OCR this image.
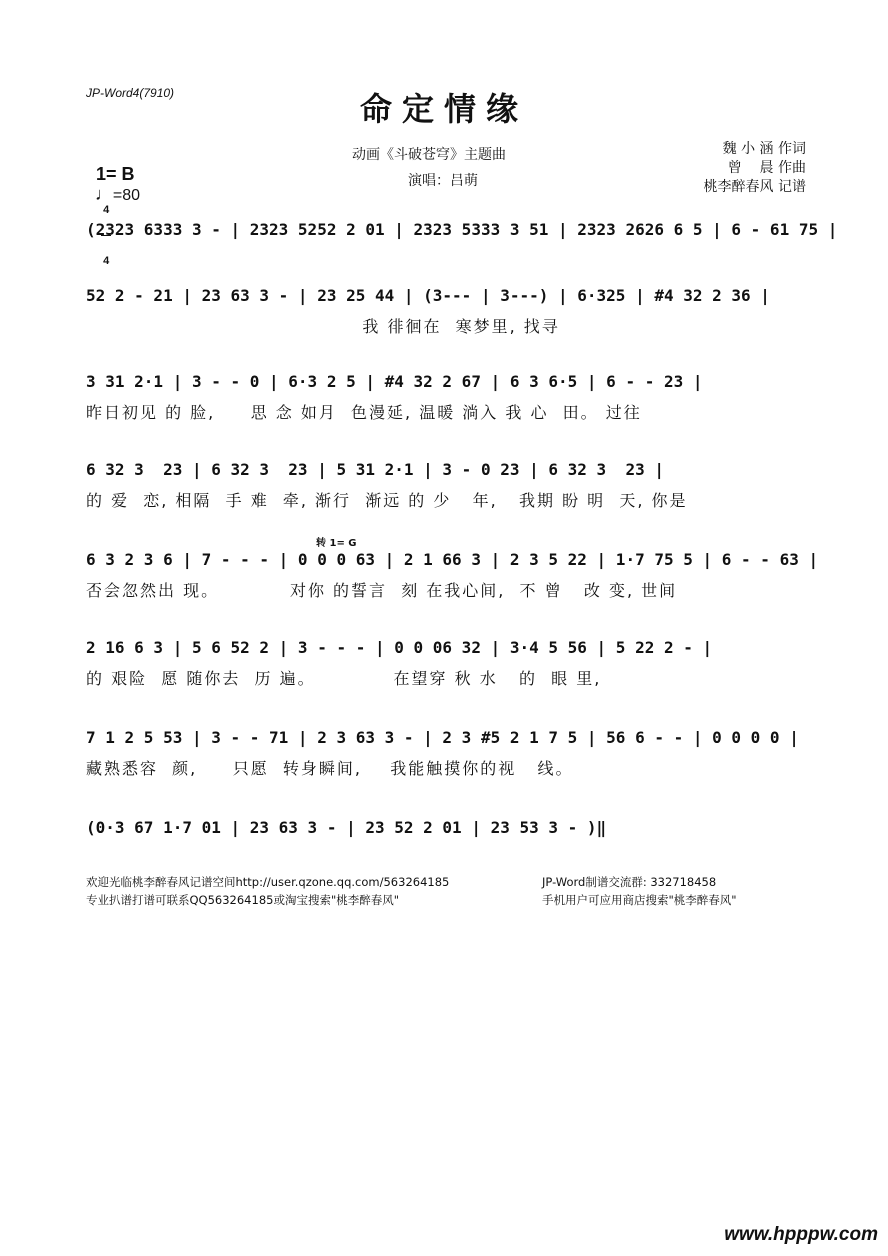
JP-Word4(7910)	命定情缘

1= B

$\frac{4}{4}$

♩=80

动画《斗破苍穹》主题曲
演唱：吕萌
魏 小 涵 作词
曾    晨 作曲
桃李醉春风 记谱
(2323 6333 3 - | 2323 5252 2 01 | 2323 5333 3 51 | 2323 2626 6 5 | 6 - 61 75 |
52 2 - 21 | 23 63 3 - | 23 25 44 | (3--- | 3---) | 6·325 | #4 32 2 36 |
我 徘徊在  寒梦里, 找寻
3 31 2·1 | 3 - - 0 | 6·3 2 5 | #4 32 2 67 | 6 3 6·5 | 6 - - 23 |
昨日初见 的 脸,     思 念 如月  色漫延, 温暖 淌入 我 心  田。 过往
6 32 3  23 | 6 32 3  23 | 5 31 2·1 | 3 - 0 23 | 6 32 3  23 |
的 爱  恋, 相隔  手 难  牵, 渐行  渐远 的 少   年,   我期 盼 明  天, 你是
转 1= G
6 3 2 3 6 | 7 - - - | 0 0 0 63 | 2 1 66 3 | 2 3 5 22 | 1·7 75 5 | 6 - - 63 |
否会忽然出 现。          对你 的誓言  刻 在我心间,  不 曾   改 变, 世间
2 16 6 3 | 5 6 52 2 | 3 - - - | 0 0 06 32 | 3·4 5 56 | 5 22 2 - |
的 艰险  愿 随你去  历 遍。           在望穿 秋 水   的  眼 里,
7 1 2 5 53 | 3 - - 71 | 2 3 63 3 - | 2 3 #5 2 1 7 5 | 56 6 - - | 0 0 0 0 |
藏熟悉容  颜,     只愿  转身瞬间,    我能触摸你的视   线。
(0·3 67 1·7 01 | 23 63 3 - | 23 52 2 01 | 23 53 3 - )‖
欢迎光临桃李醉春风记谱空间http://user.qzone.qq.com/563264185	JP-Word制谱交流群: 332718458
专业扒谱打谱可联系QQ563264185或淘宝搜索"桃李醉春风"	手机用户可应用商店搜索"桃李醉春风"
www.hpppw.com
